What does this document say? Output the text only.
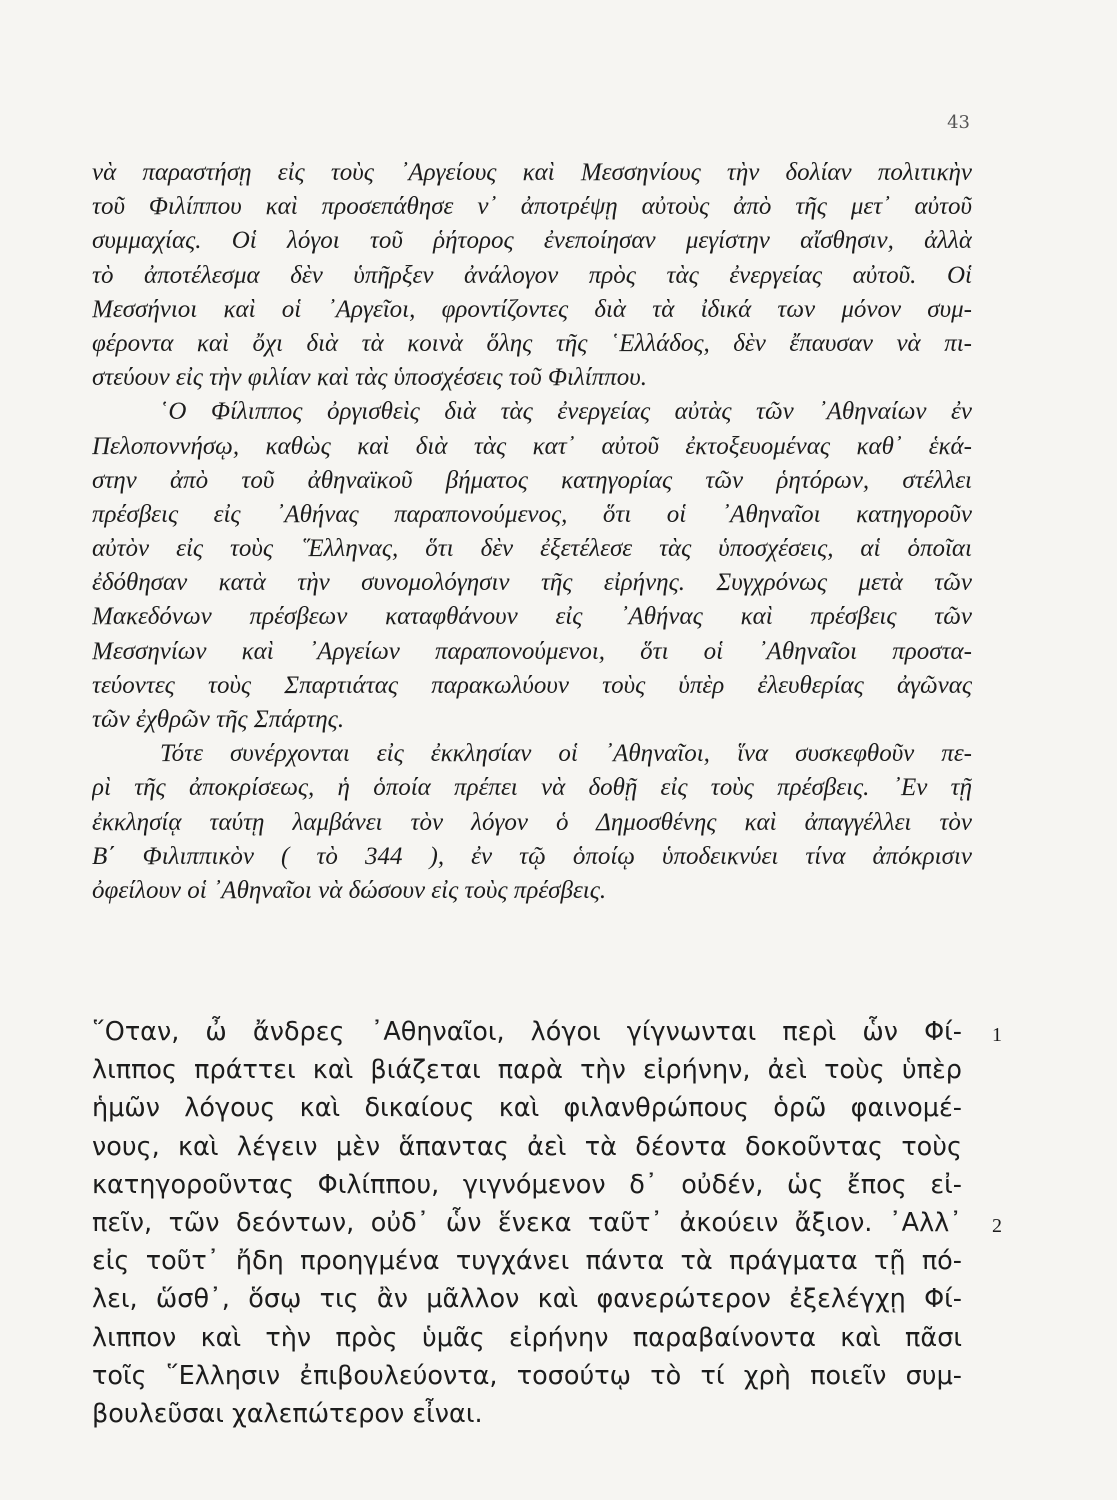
43
νὰ παραστήσῃ εἰς τοὺς ᾿Αργείους καὶ Μεσσηνίους τὴν δολίαν πολιτικὴν
τοῦ Φιλίππου καὶ προσεπάθησε ν᾿ ἀποτρέψῃ αὐτοὺς ἀπὸ τῆς μετ᾿ αὐτοῦ
συμμαχίας. Οἱ λόγοι τοῦ ῥήτορος ἐνεποίησαν μεγίστην αἴσθησιν, ἀλλὰ
τὸ ἀποτέλεσμα δὲν ὑπῆρξεν ἀνάλογον πρὸς τὰς ἐνεργείας αὐτοῦ. Οἱ
Μεσσήνιοι καὶ οἱ ᾿Αργεῖοι, φροντίζοντες διὰ τὰ ἰδικά των μόνον συμ-
φέροντα καὶ ὄχι διὰ τὰ κοινὰ ὅλης τῆς ῾Ελλάδος, δὲν ἔπαυσαν νὰ πι-
στεύουν εἰς τὴν φιλίαν καὶ τὰς ὑποσχέσεις τοῦ Φιλίππου.
῾Ο Φίλιππος ὀργισθεὶς διὰ τὰς ἐνεργείας αὐτὰς τῶν ᾿Αθηναίων ἐν
Πελοποννήσῳ, καθὼς καὶ διὰ τὰς κατ᾿ αὐτοῦ ἐκτοξευομένας καθ᾿ ἑκά-
στην ἀπὸ τοῦ ἀθηναϊκοῦ βήματος κατηγορίας τῶν ῥητόρων, στέλλει
πρέσβεις εἰς ᾿Αθήνας παραπονούμενος, ὅτι οἱ ᾿Αθηναῖοι κατηγοροῦν
αὐτὸν εἰς τοὺς ῞Ελληνας, ὅτι δὲν ἐξετέλεσε τὰς ὑποσχέσεις, αἱ ὁποῖαι
ἐδόθησαν κατὰ τὴν συνομολόγησιν τῆς εἰρήνης. Συγχρόνως μετὰ τῶν
Μακεδόνων πρέσβεων καταφθάνουν εἰς ᾿Αθήνας καὶ πρέσβεις τῶν
Μεσσηνίων καὶ ᾿Αργείων παραπονούμενοι, ὅτι οἱ ᾿Αθηναῖοι προστα-
τεύοντες τοὺς Σπαρτιάτας παρακωλύουν τοὺς ὑπὲρ ἐλευθερίας ἀγῶνας
τῶν ἐχθρῶν τῆς Σπάρτης.
Τότε συνέρχονται εἰς ἐκκλησίαν οἱ ᾿Αθηναῖοι, ἵνα συσκεφθοῦν πε-
ρὶ τῆς ἀποκρίσεως, ἡ ὁποία πρέπει νὰ δοθῇ εἰς τοὺς πρέσβεις. ᾿Εν τῇ
ἐκκλησίᾳ ταύτῃ λαμβάνει τὸν λόγον ὁ Δημοσθένης καὶ ἀπαγγέλλει τὸν
Β΄ Φιλιππικὸν ( τὸ 344 ), ἐν τῷ ὁποίῳ ὑποδεικνύει τίνα ἀπόκρισιν
ὀφείλουν οἱ ᾿Αθηναῖοι νὰ δώσουν εἰς τοὺς πρέσβεις.
῞Οταν, ὦ ἄνδρες ᾿Αθηναῖοι, λόγοι γίγνωνται περὶ ὧν Φί- 1
λιππος πράττει καὶ βιάζεται παρὰ τὴν εἰρήνην, ἀεὶ τοὺς ὑπὲρ
ἡμῶν λόγους καὶ δικαίους καὶ φιλανθρώπους ὁρῶ φαινομέ-
νους, καὶ λέγειν μὲν ἅπαντας ἀεὶ τὰ δέοντα δοκοῦντας τοὺς
κατηγοροῦντας Φιλίππου, γιγνόμενον δ᾿ οὐδέν, ὡς ἔπος εἰ-
πεῖν, τῶν δεόντων, οὐδ᾿ ὧν ἕνεκα ταῦτ᾿ ἀκούειν ἄξιον. ᾿Αλλ᾿ 2
εἰς τοῦτ᾿ ἤδη προηγμένα τυγχάνει πάντα τὰ πράγματα τῇ πό-
λει, ὥσθ᾿, ὅσῳ τις ἂν μᾶλλον καὶ φανερώτερον ἐξελέγχῃ Φί-
λιππον καὶ τὴν πρὸς ὑμᾶς εἰρήνην παραβαίνοντα καὶ πᾶσι
τοῖς ῞Ελλησιν ἐπιβουλεύοντα, τοσούτῳ τὸ τί χρὴ ποιεῖν συμ-
βουλεῦσαι χαλεπώτερον εἶναι.
